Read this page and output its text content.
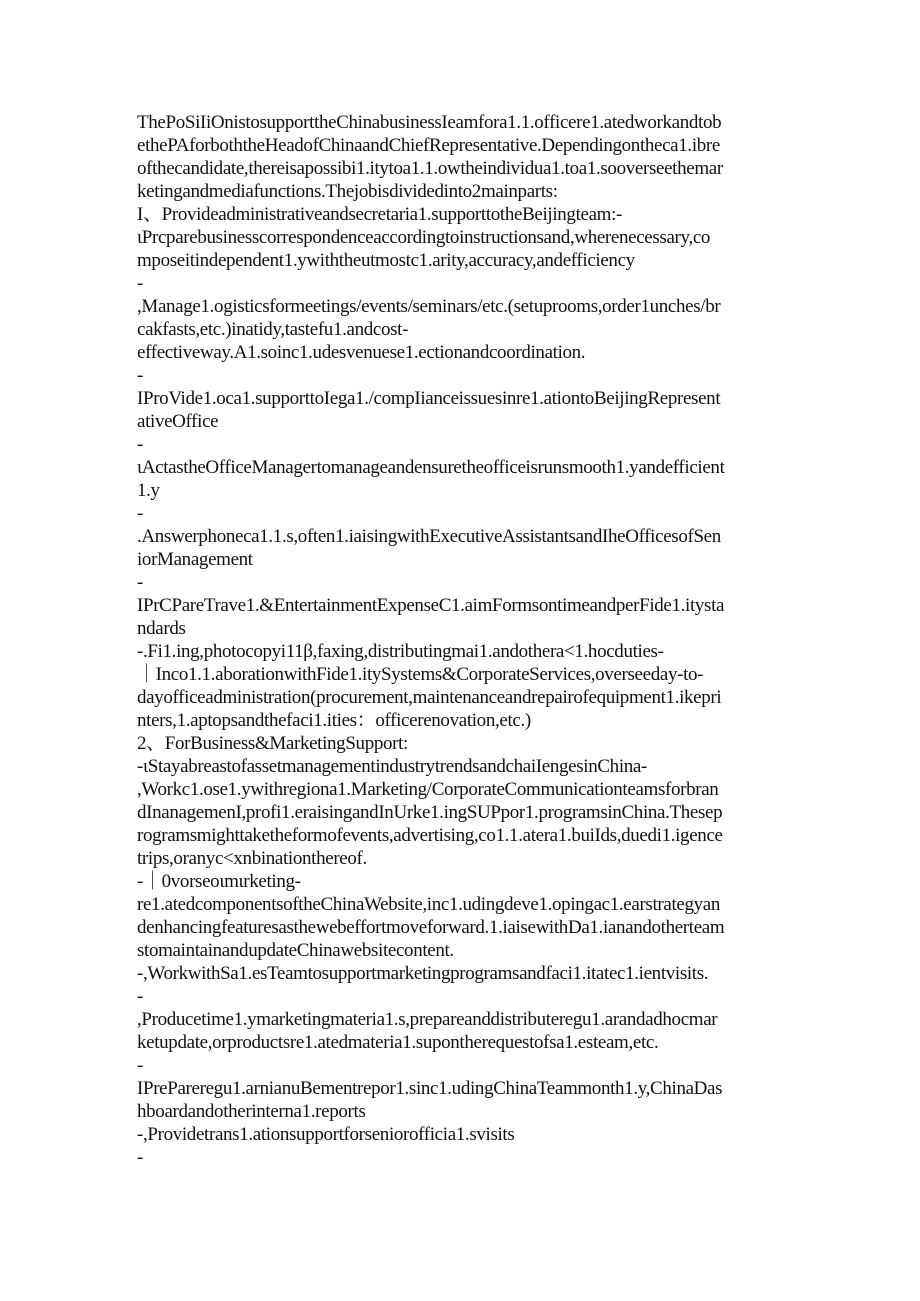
ThePoSiIiOnistosupporttheChinabusinessIeamfora1.1.officere1.atedworkandtob
ethePAforboththeHeadofChinaandChiefRepresentative.Dependingontheca1.ibre
ofthecandidate,thereisapossibi1.itytoa1.1.owtheindividua1.toa1.sooverseethemar
ketingandmediafunctions.Thejobisdividedinto2mainparts:
I、Provideadministrativeandsecretaria1.supporttotheBeijingteam:-
ιPrcparebusinesscorrespondenceaccordingtoinstructionsand,wherenecessary,co
mposeitindependent1.ywiththeutmostc1.arity,accuracy,andefficiency
-
,Manage1.ogisticsformeetings/events/seminars/etc.(setuprooms,order1unches/br
cakfasts,etc.)inatidy,tastefu1.andcost-
effectiveway.A1.soinc1.udesvenuese1.ectionandcoordination.
-
IProVide1.oca1.supporttoIega1./compIianceissuesinre1.ationtoBeijingRepresent
ativeOffice
-
ιActastheOfficeManagertomanageandensuretheofficeisrunsmooth1.yandefficient
1.y
-
.Answerphoneca1.1.s,often1.iaisingwithExecutiveAssistantsandIheOfficesofSen
iorManagement
-
IPrCPareTrave1.&EntertainmentExpenseC1.aimFormsontimeandperFide1.itysta
ndards
-.Fi1.ing,photocopyi11β,faxing,distributingmai1.andothera<1.hocduties-
｜Inco1.1.aborationwithFide1.itySystems&CorporateServices,overseeday-to-
dayofficeadministration(procurement,maintenanceandrepairofequipment1.ikepri
nters,1.aptopsandthefaci1.ities：officerenovation,etc.)
2、ForBusiness&MarketingSupport:
-ιStayabreastofassetmanagementindustrytrendsandchaiIengesinChina-
,Workc1.ose1.ywithregiona1.Marketing/CorporateCommunicationteamsforbran
dInanagemenI,profi1.eraisingandInUrke1.ingSUPpor1.programsinChina.Thesep
rogramsmighttaketheformofevents,advertising,co1.1.atera1.buiIds,duedi1.igence
trips,oranyc<xnbinationthereof.
-｜0vorseoιmιrketing-
re1.atedcomponentsoftheChinaWebsite,inc1.udingdeve1.opingac1.earstrategyan
denhancingfeaturesasthewebeffortmoveforward.1.iaisewithDa1.ianandotherteam
stomaintainandupdateChinawebsitecontent.
-,WorkwithSa1.esTeamtosupportmarketingprogramsandfaci1.itatec1.ientvisits.
-
,Producetime1.ymarketingmateria1.s,prepareanddistributeregu1.arandadhocmar
ketupdate,orproductsre1.atedmateria1.supontherequestofsa1.esteam,etc.
-
IPrePareregu1.arnianuBementrepor1.sinc1.udingChinaTeammonth1.y,ChinaDas
hboardandotherinterna1.reports
-,Providetrans1.ationsupportforseniorofficia1.svisits
-
